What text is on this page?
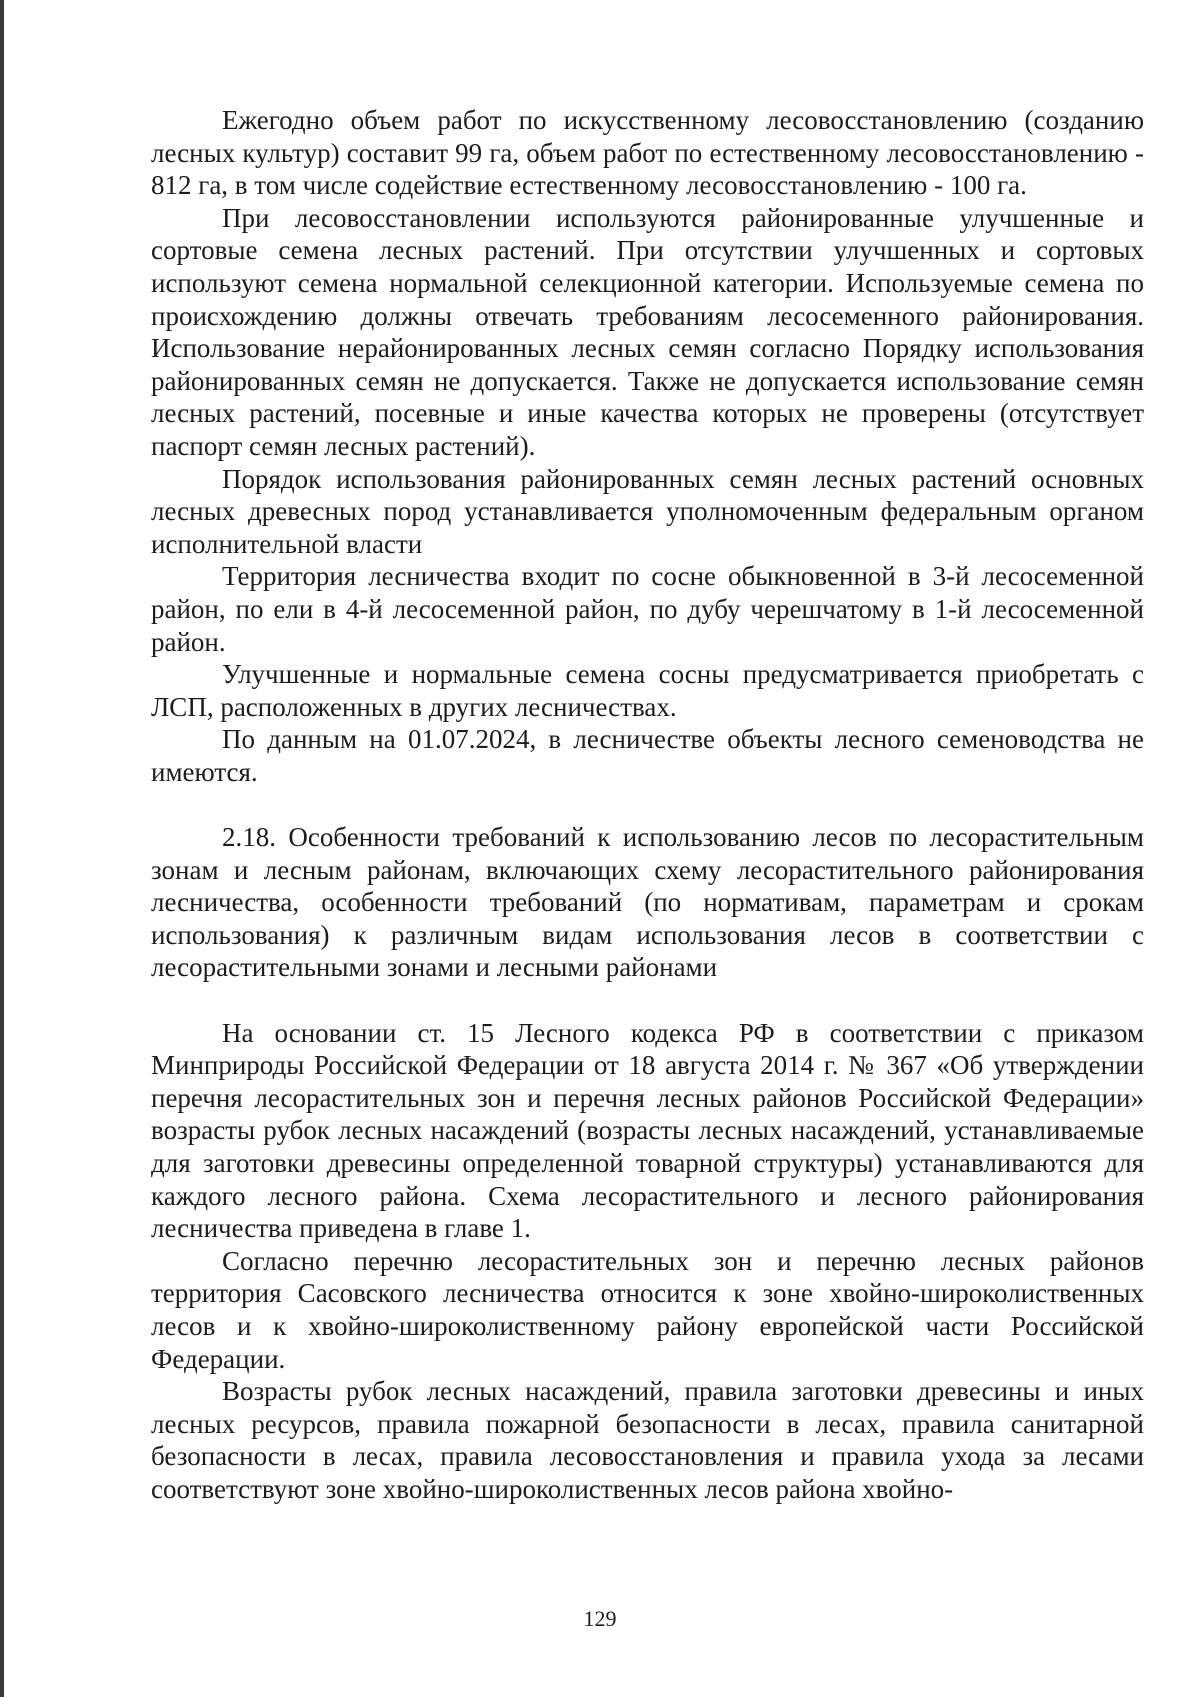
Ежегодно объем работ по искусственному лесовосстановлению (созданию лесных культур) составит 99 га, объем работ по естественному лесовосстановлению - 812 га, в том числе содействие естественному лесовосстановлению - 100 га.

При лесовосстановлении используются районированные улучшенные и сортовые семена лесных растений. При отсутствии улучшенных и сортовых используют семена нормальной селекционной категории. Используемые семена по происхождению должны отвечать требованиям лесосеменного районирования. Использование нерайонированных лесных семян согласно Порядку использования районированных семян не допускается. Также не допускается использование семян лесных растений, посевные и иные качества которых не проверены (отсутствует паспорт семян лесных растений).

Порядок использования районированных семян лесных растений основных лесных древесных пород устанавливается уполномоченным федеральным органом исполнительной власти

Территория лесничества входит по сосне обыкновенной в 3-й лесосеменной район, по ели в 4-й лесосеменной район, по дубу черешчатому в 1-й лесосеменной район.

Улучшенные и нормальные семена сосны предусматривается приобретать с ЛСП, расположенных в других лесничествах.

По данным на 01.07.2024, в лесничестве объекты лесного семеноводства не имеются.

2.18. Особенности требований к использованию лесов по лесорастительным зонам и лесным районам, включающих схему лесорастительного районирования лесничества, особенности требований (по нормативам, параметрам и срокам использования) к различным видам использования лесов в соответствии с лесорастительными зонами и лесными районами

На основании ст. 15 Лесного кодекса РФ в соответствии с приказом Минприроды Российской Федерации от 18 августа 2014 г. № 367 «Об утверждении перечня лесорастительных зон и перечня лесных районов Российской Федерации» возрасты рубок лесных насаждений (возрасты лесных насаждений, устанавливаемые для заготовки древесины определенной товарной структуры) устанавливаются для каждого лесного района. Схема лесорастительного и лесного районирования лесничества приведена в главе 1.

Согласно перечню лесорастительных зон и перечню лесных районов территория Сасовского лесничества относится к зоне хвойно-широколиственных лесов и к хвойно-широколиственному району европейской части Российской Федерации.

Возрасты рубок лесных насаждений, правила заготовки древесины и иных лесных ресурсов, правила пожарной безопасности в лесах, правила санитарной безопасности в лесах, правила лесовосстановления и правила ухода за лесами соответствуют зоне хвойно-широколиственных лесов района хвойно-

129
